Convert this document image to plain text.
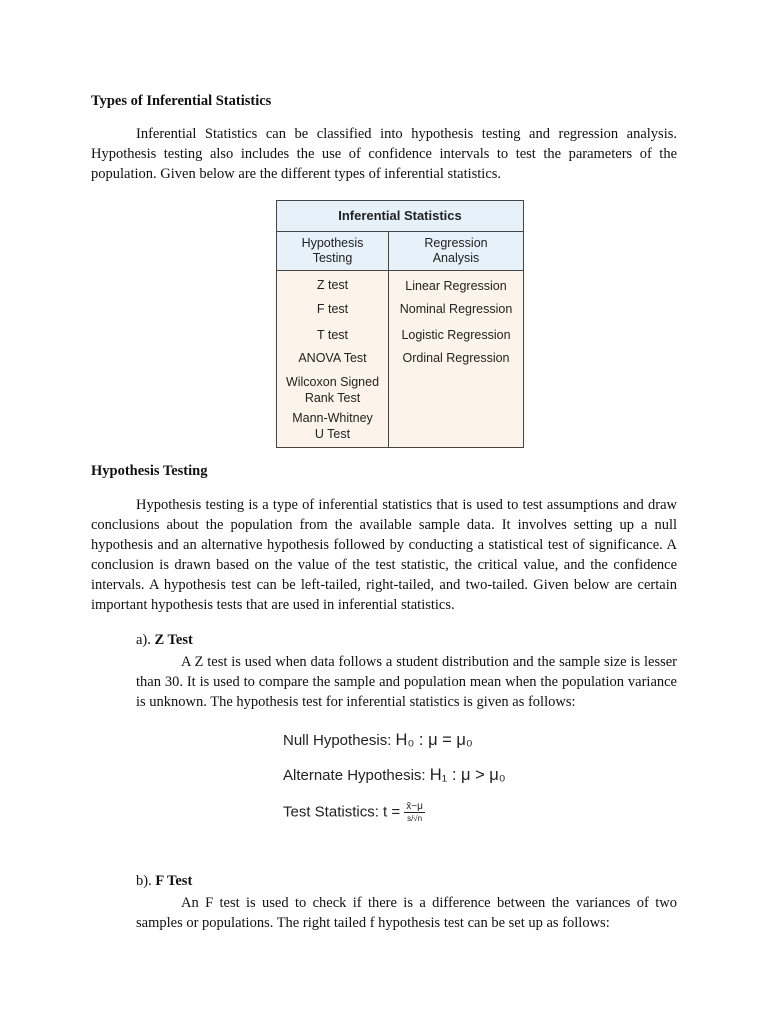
Types of Inferential Statistics
Inferential Statistics can be classified into hypothesis testing and regression analysis. Hypothesis testing also includes the use of confidence intervals to test the parameters of the population. Given below are the different types of inferential statistics.
Inferential Statistics
Hypothesis
Testing
Regression
Analysis
Z test
F test
T test
ANOVA Test
Wilcoxon Signed
Rank Test
Mann-Whitney
U Test
Linear Regression
Nominal Regression
Logistic Regression
Ordinal Regression
Hypothesis Testing
Hypothesis testing is a type of inferential statistics that is used to test assumptions and draw conclusions about the population from the available sample data. It involves setting up a null hypothesis and an alternative hypothesis followed by conducting a statistical test of significance. A conclusion is drawn based on the value of the test statistic, the critical value, and the confidence intervals. A hypothesis test can be left-tailed, right-tailed, and two-tailed. Given below are certain important hypothesis tests that are used in inferential statistics.
a). Z Test
A Z test is used when data follows a student distribution and the sample size is lesser than 30. It is used to compare the sample and population mean when the population variance is unknown. The hypothesis test for inferential statistics is given as follows:
Null Hypothesis: H₀ : μ = μ₀
Alternate Hypothesis: H₁ : μ > μ₀
Test Statistics: $t = \frac{x̄-\mu}{s/√n}$
b). F Test
An F test is used to check if there is a difference between the variances of two samples or populations. The right tailed f hypothesis test can be set up as follows:
